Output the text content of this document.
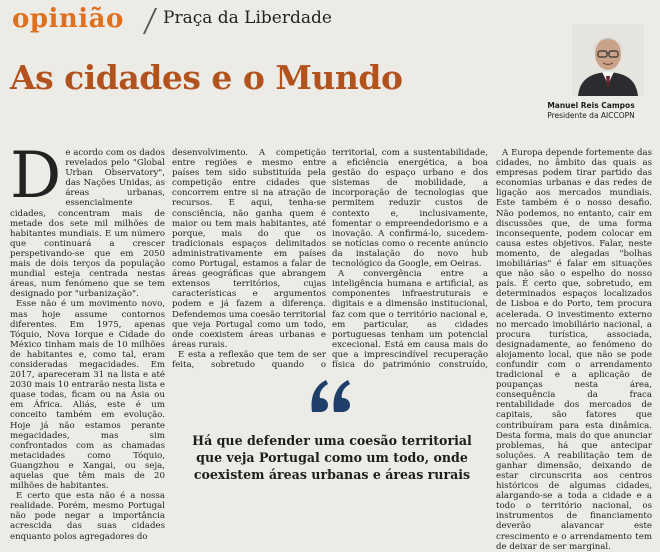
opinião Praça da Liberdade
As cidades e o Mundo
Manuel Reis Campos
Presidente da AICCOPN
D e acordo com os dados revelados pelo "Global Urban Observatory", das Nações Unidas, as áreas urbanas, essencialmente cidades, concentram mais de metade dos sete mil milhões de habitantes mundiais. E um número que continuará a crescer perspetivando-se que em 2050 mais de dois terços da população mundial esteja centrada nestas áreas, num fenómeno que se tem designado por "urbanização".

Esse não é um movimento novo, mas hoje assume contornos diferentes. Em 1975, apenas Tóquio, Nova Iorque e Cidade do México tinham mais de 10 milhões de habitantes e, como tal, eram consideradas megacidades. Em 2017, apareceram 31 na lista e até 2030 mais 10 entrarão nesta lista e quase todas, ficam ou na Ásia ou em África. Aliás, este é um conceito também em evolução. Hoje já não estamos perante megacidades, mas sim confrontados com as chamadas metacidades como Tóquio, Guangzhou e Xangai, ou seja, aquelas que têm mais de 20 milhões de habitantes.

E certo que esta não é a nossa realidade. Porém, mesmo Portugal não pode negar a importância acrescida das suas cidades enquanto polos agregadores do

desenvolvimento. A competição entre regiões e mesmo entre países tem sido substituída pela competição entre cidades que concorrem entre si na atração de recursos. E aqui, tenha-se consciência, não ganha quem é maior ou tem mais habitantes, até porque, mais do que os tradicionais espaços delimitados administrativamente em países como Portugal, estamos a falar de áreas geográficas que abrangem extensos territórios, cujas características e argumentos podem e já fazem a diferença. Defendemos uma coesão territorial que veja Portugal como um todo, onde coexistem áreas urbanas e áreas rurais.

E esta a reflexão que tem de ser feita, sobretudo quando o

territorial, com a sustentabilidade, a eficiência energética, a boa gestão do espaço urbano e dos sistemas de mobilidade, a incorporação de tecnologias que permitem reduzir custos de contexto e, inclusivamente, fomentar o empreendedorismo e a inovação. A confirmá-lo, sucedem-se notícias como o recente anúncio da instalação do novo hub tecnológico da Google, em Oeiras.

A convergência entre a inteligência humana e artificial, as componentes infraestruturais e digitais e a dimensão institucional, faz com que o território nacional e, em particular, as cidades portuguesas tenham um potencial excecional. Está em causa mais do que a imprescindível recuperação física do património construído,

A Europa depende fortemente das cidades, no âmbito das quais as empresas podem tirar partido das economias urbanas e das redes de ligação aos mercados mundiais. Este também é o nosso desafio. Não podemos, no entanto, cair em discussões que, de uma forma inconsequente, podem colocar em causa estes objetivos. Falar, neste momento, de alegadas "bolhas imobiliárias" é falar em situações que não são o espelho do nosso país. É certo que, sobretudo, em determinados espaços localizados de Lisboa e do Porto, tem procura acelerada. O investimento externo no mercado imobiliário nacional, a procura turística, associada, designadamente, ao fenómeno do alojamento local, que não se pode confundir com o arrendamento tradicional e a aplicação de poupanças nesta área, consequência da fraca rentabilidade dos mercados de capitais, são fatores que contribuíram para esta dinâmica. Desta forma, mais do que anunciar problemas, há que antecipar soluções. A reabilitação tem de ganhar dimensão, deixando de estar circunscrita aos centros históricos de algumas cidades, alargando-se a toda a cidade e a todo o território nacional, os instrumentos de financiamento deverão alavancar este crescimento e o arrendamento tem de deixar de ser marginal.

Há que defender uma coesão territorial que veja Portugal como um todo, onde coexistem áreas urbanas e áreas rurais
